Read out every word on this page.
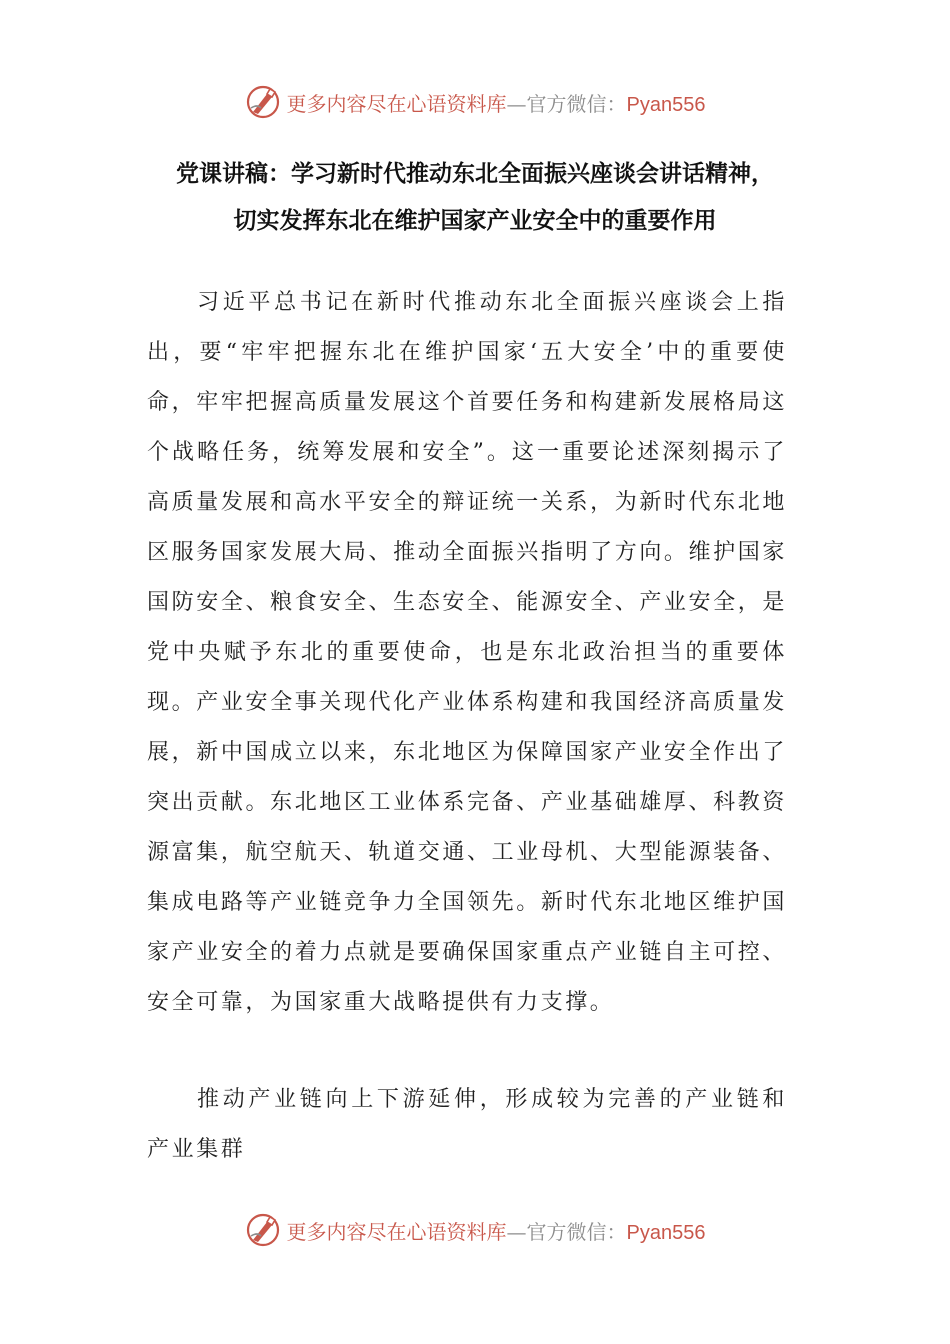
更多内容尽在心语资料库—官方微信：Pyan556
党课讲稿：学习新时代推动东北全面振兴座谈会讲话精神，
切实发挥东北在维护国家产业安全中的重要作用

习近平总书记在新时代推动东北全面振兴座谈会上指出，要“牢牢把握东北在维护国家‘五大安全’中的重要使命，牢牢把握高质量发展这个首要任务和构建新发展格局这个战略任务，统筹发展和安全”。这一重要论述深刻揭示了高质量发展和高水平安全的辩证统一关系，为新时代东北地区服务国家发展大局、推动全面振兴指明了方向。维护国家国防安全、粮食安全、生态安全、能源安全、产业安全，是党中央赋予东北的重要使命，也是东北政治担当的重要体现。产业安全事关现代化产业体系构建和我国经济高质量发展，新中国成立以来，东北地区为保障国家产业安全作出了突出贡献。东北地区工业体系完备、产业基础雄厚、科教资源富集，航空航天、轨道交通、工业母机、大型能源装备、集成电路等产业链竞争力全国领先。新时代东北地区维护国家产业安全的着力点就是要确保国家重点产业链自主可控、安全可靠，为国家重大战略提供有力支撑。

推动产业链向上下游延伸，形成较为完善的产业链和产业集群

更多内容尽在心语资料库—官方微信：Pyan556
